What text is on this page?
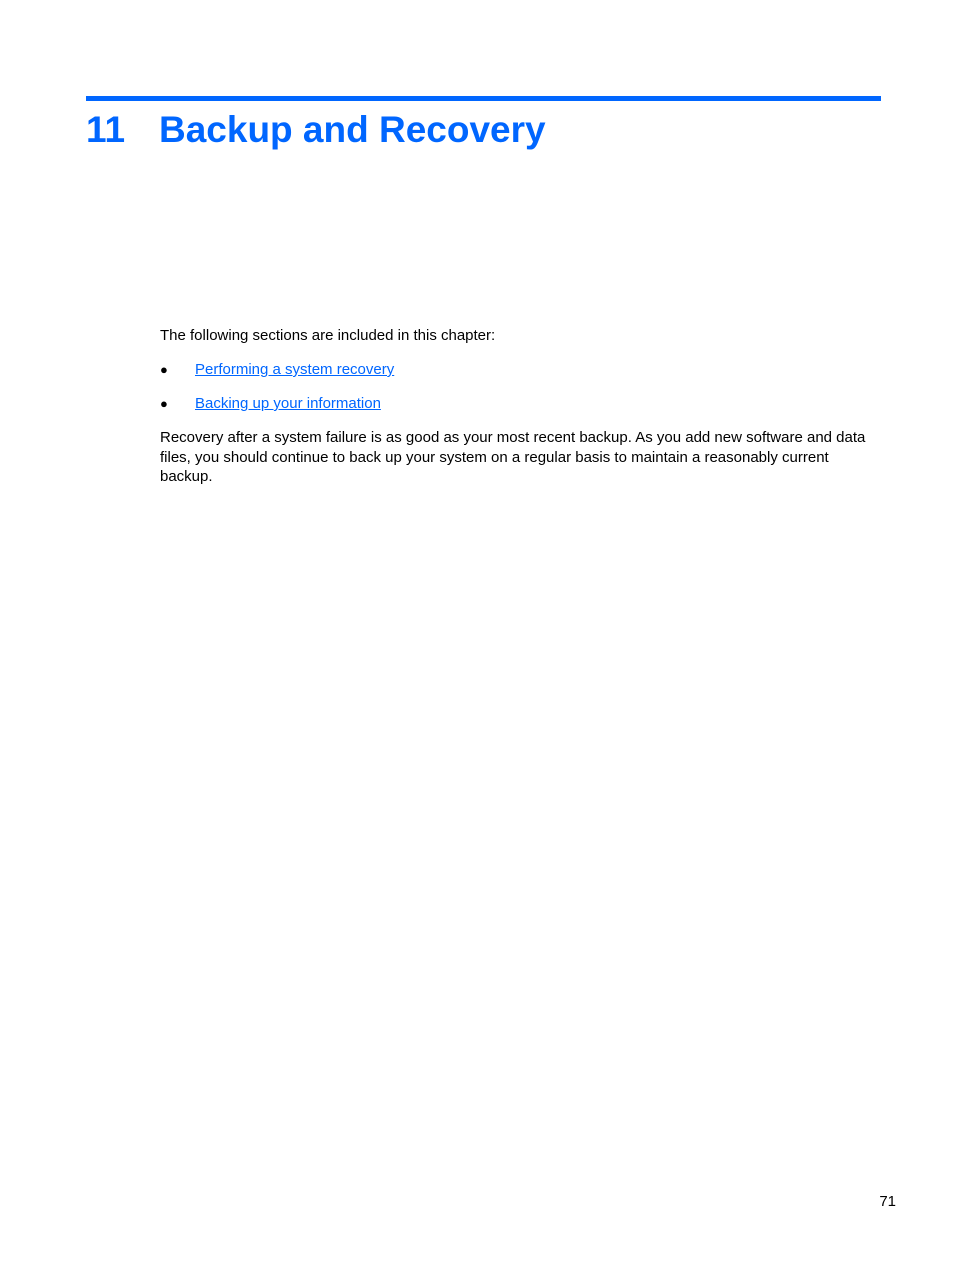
11 Backup and Recovery

The following sections are included in this chapter:

● Performing a system recovery
● Backing up your information

Recovery after a system failure is as good as your most recent backup. As you add new software and data files, you should continue to back up your system on a regular basis to maintain a reasonably current backup.

71
